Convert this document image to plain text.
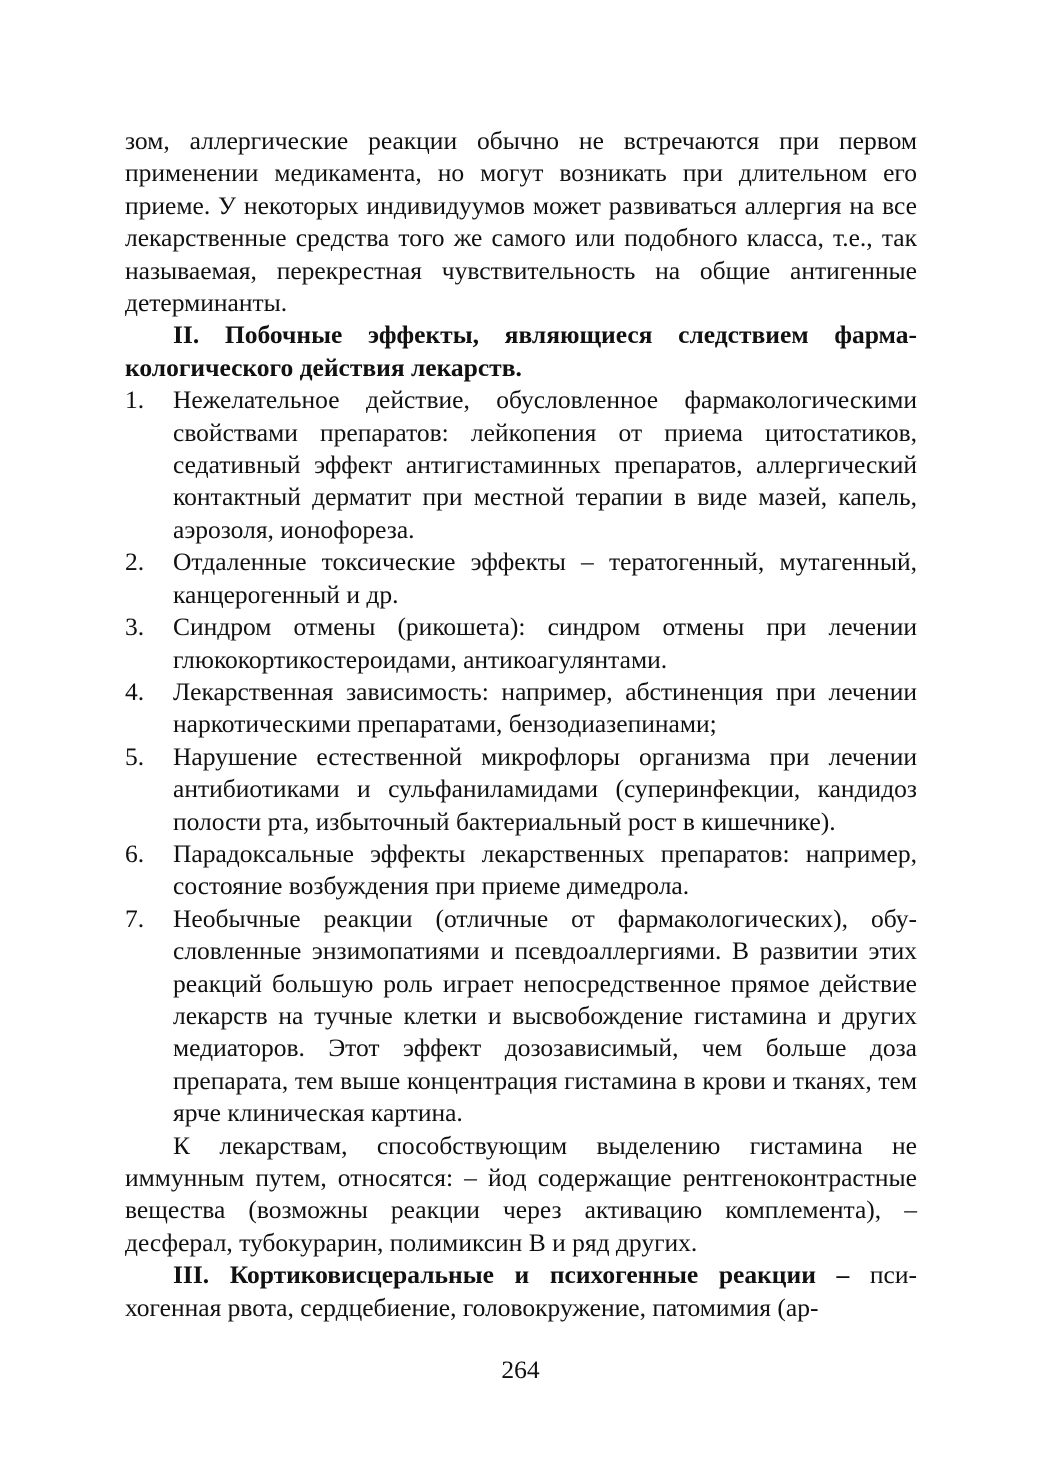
зом, аллергические реакции обычно не встречаются при первом применении медикамента, но могут возникать при длительном его приеме. У некоторых индивидуумов может развиваться аллергия на все лекарственные средства того же самого или подобного класса, т.е., так называемая, перекрестная чувствительность на общие антигенные детерминанты.

II. Побочные эффекты, являющиеся следствием фармакологического действия лекарств.

1. Нежелательное действие, обусловленное фармакологическими свойствами препаратов: лейкопения от приема цитостатиков, седативный эффект антигистаминных препаратов, аллергический контактный дерматит при местной терапии в виде мазей, капель, аэрозоля, ионофореза.
2. Отдаленные токсические эффекты – тератогенный, мутагенный, канцерогенный и др.
3. Синдром отмены (рикошета): синдром отмены при лечении глюкокортикостероидами, антикоагулянтами.
4. Лекарственная зависимость: например, абстиненция при лечении наркотическими препаратами, бензодиазепинами;
5. Нарушение естественной микрофлоры организма при лечении антибиотиками и сульфаниламидами (суперинфекции, кандидоз полости рта, избыточный бактериальный рост в кишечнике).
6. Парадоксальные эффекты лекарственных препаратов: например, состояние возбуждения при приеме димедрола.
7. Необычные реакции (отличные от фармакологических), обусловленные энзимопатиями и псевдоаллергиями. В развитии этих реакций большую роль играет непосредственное прямое действие лекарств на тучные клетки и высвобождение гистамина и других медиаторов. Этот эффект дозозависимый, чем больше доза препарата, тем выше концентрация гистамина в крови и тканях, тем ярче клиническая картина.

К лекарствам, способствующим выделению гистамина не иммунным путем, относятся: – йод содержащие рентгеноконтрастные вещества (возможны реакции через активацию комплемента), – десферал, тубокурарин, полимиксин В и ряд других.

III. Кортиковисцеральные и психогенные реакции – психогенная рвота, сердцебиение, головокружение, патомимия (ар-

264
